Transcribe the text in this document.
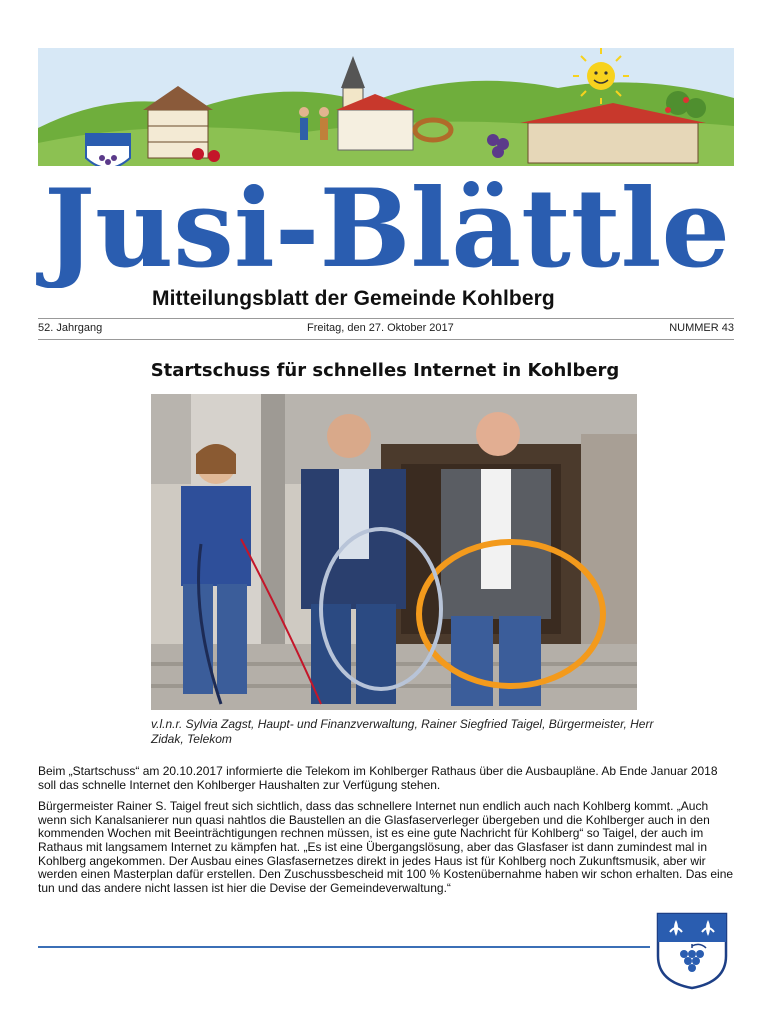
Jusi-Blättle
Mitteilungsblatt der Gemeinde Kohlberg
52. Jahrgang	Freitag, den 27. Oktober 2017	NUMMER 43
Startschuss für schnelles Internet in Kohlberg
v.l.n.r. Sylvia Zagst, Haupt- und Finanzverwaltung, Rainer Siegfried Taigel, Bürgermeister, Herr Zidak, Telekom

Beim „Startschuss“ am 20.10.2017 informierte die Telekom im Kohlberger Rathaus über die Ausbaupläne. Ab Ende Januar 2018 soll das schnelle Internet den Kohlberger Haushalten zur Verfügung stehen.

Bürgermeister Rainer S. Taigel freut sich sichtlich, dass das schnellere Internet nun endlich auch nach Kohlberg kommt. „Auch wenn sich Kanalsanierer nun quasi nahtlos die Baustellen an die Glasfaserverleger übergeben und die Kohlberger auch in den kommenden Wochen mit Beeinträchtigungen rechnen müssen, ist es eine gute Nachricht für Kohlberg“ so Taigel, der auch im Rathaus mit langsamem Internet zu kämpfen hat. „Es ist eine Übergangslösung, aber das Glasfaser ist dann zumindest mal in Kohlberg angekommen. Der Ausbau eines Glasfasernetzes direkt in jedes Haus ist für Kohlberg noch Zukunftsmusik, aber wir werden einen Masterplan dafür erstellen. Den Zuschussbescheid mit 100 % Kostenübernahme haben wir schon erhalten. Das eine tun und das andere nicht lassen ist hier die Devise der Gemeindeverwaltung.“
